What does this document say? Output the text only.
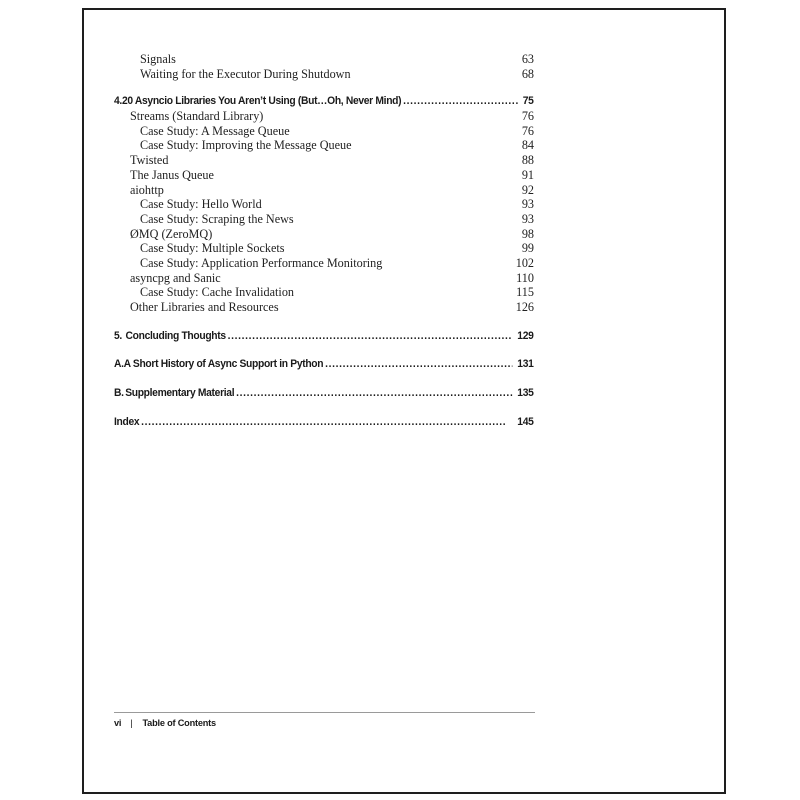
Signals	63
Waiting for the Executor During Shutdown	68
4. 20 Asyncio Libraries You Aren’t Using (But…Oh, Never Mind) . . .	75
Streams (Standard Library)	76
Case Study: A Message Queue	76
Case Study: Improving the Message Queue	84
Twisted	88
The Janus Queue	91
aiohttp	92
Case Study: Hello World	93
Case Study: Scraping the News	93
ØMQ (ZeroMQ)	98
Case Study: Multiple Sockets	99
Case Study: Application Performance Monitoring	102
asyncpg and Sanic	110
Case Study: Cache Invalidation	115
Other Libraries and Resources	126
5. Concluding Thoughts . . .	129
A. A Short History of Async Support in Python . . .	131
B. Supplementary Material . . .	135
Index . . .	145
vi | Table of Contents
